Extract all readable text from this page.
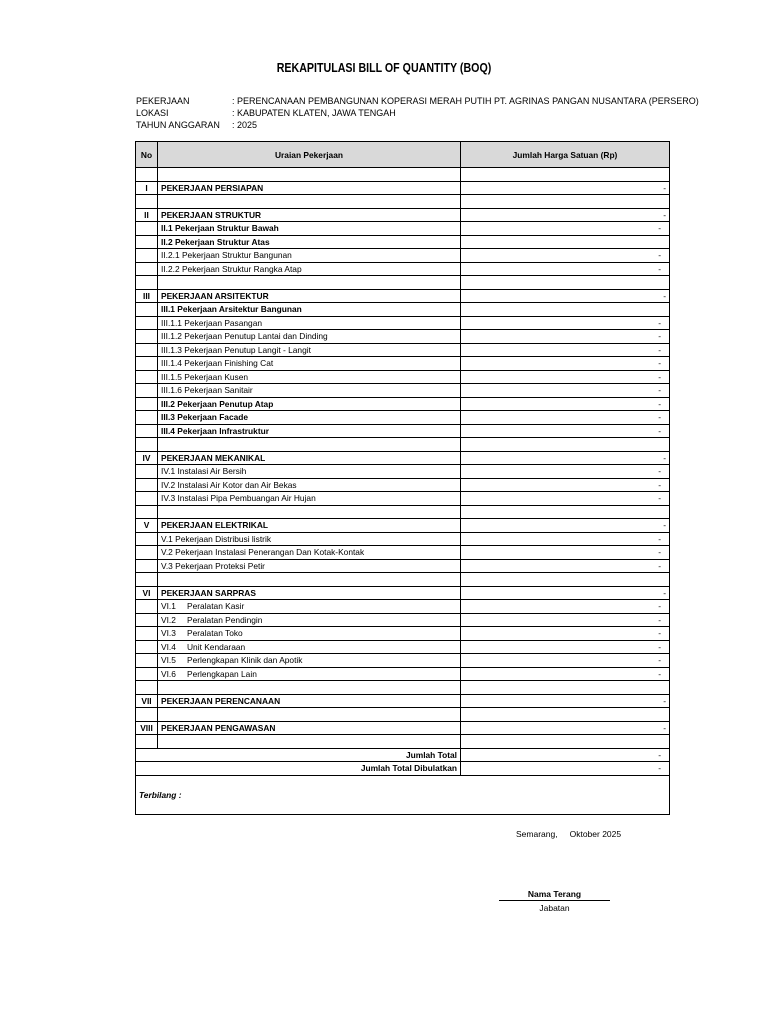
REKAPITULASI BILL OF QUANTITY (BOQ)
PEKERJAAN	: PERENCANAAN PEMBANGUNAN KOPERASI MERAH PUTIH PT. AGRINAS PANGAN NUSANTARA (PERSERO)
LOKASI	: KABUPATEN KLATEN, JAWA TENGAH
TAHUN ANGGARAN	: 2025
No	Uraian Pekerjaan	Jumlah Harga Satuan (Rp)

I	PEKERJAAN PERSIAPAN	-

II	PEKERJAAN STRUKTUR	-
	II.1 Pekerjaan Struktur Bawah	-
	II.2 Pekerjaan Struktur Atas	
	II.2.1 Pekerjaan Struktur Bangunan	-
	II.2.2 Pekerjaan Struktur Rangka Atap	-

III	PEKERJAAN ARSITEKTUR	-
	III.1 Pekerjaan Arsitektur Bangunan	
	III.1.1 Pekerjaan Pasangan	-
	III.1.2 Pekerjaan Penutup Lantai dan Dinding	-
	III.1.3 Pekerjaan Penutup Langit - Langit	-
	III.1.4 Pekerjaan Finishing Cat	-
	III.1.5 Pekerjaan Kusen	-
	III.1.6 Pekerjaan Sanitair	-
	III.2 Pekerjaan Penutup Atap	-
	III.3 Pekerjaan Facade	-
	III.4 Pekerjaan Infrastruktur	-

IV	PEKERJAAN MEKANIKAL	-
	IV.1 Instalasi Air Bersih	-
	IV.2 Instalasi Air Kotor dan Air Bekas	-
	IV.3 Instalasi Pipa Pembuangan Air Hujan	-

V	PEKERJAAN ELEKTRIKAL	-
	V.1 Pekerjaan Distribusi listrik	-
	V.2 Pekerjaan Instalasi Penerangan Dan Kotak-Kontak	-
	V.3 Pekerjaan Proteksi Petir	-

VI	PEKERJAAN SARPRAS	-
	VI.1 Peralatan Kasir	-
	VI.2 Peralatan Pendingin	-
	VI.3 Peralatan Toko	-
	VI.4 Unit Kendaraan	-
	VI.5 Perlengkapan Klinik dan Apotik	-
	VI.6 Perlengkapan Lain	-

VII	PEKERJAAN PERENCANAAN	-

VIII	PEKERJAAN PENGAWASAN	-

Jumlah Total		-
Jumlah Total Dibulatkan		-
Terbilang :		
Semarang, Oktober 2025
Nama Terang
Jabatan
